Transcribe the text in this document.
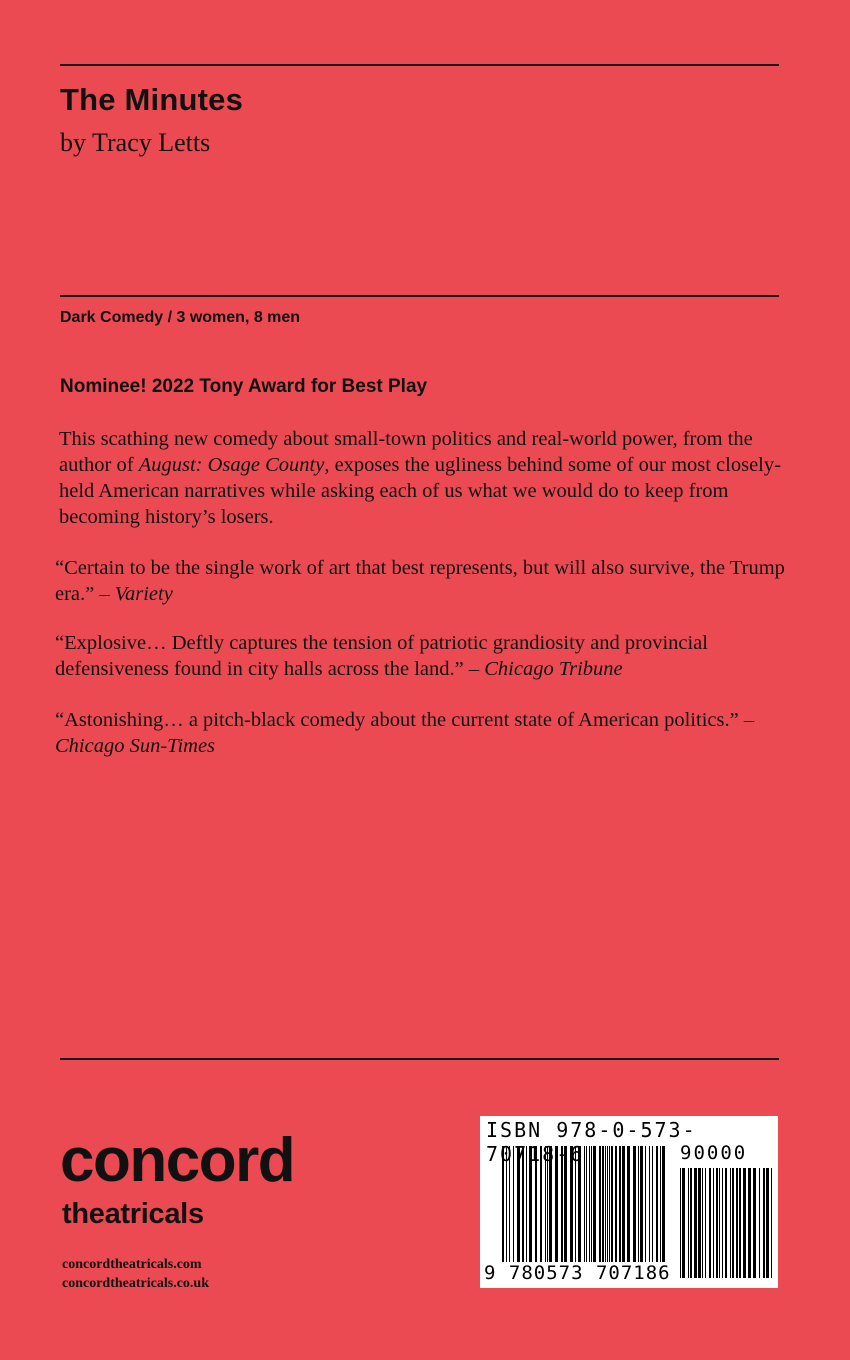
The Minutes

by Tracy Letts

Dark Comedy / 3 women, 8 men
Nominee! 2022 Tony Award for Best Play

This scathing new comedy about small-town politics and real-world power, from the author of August: Osage County, exposes the ugliness behind some of our most closely-held American narratives while asking each of us what we would do to keep from becoming history’s losers.

“Certain to be the single work of art that best represents, but will also survive, the Trump era.” – Variety

“Explosive… Deftly captures the tension of patriotic grandiosity and provincial defensiveness found in city halls across the land.” – Chicago Tribune

“Astonishing… a pitch-black comedy about the current state of American politics.” – Chicago Sun-Times

concord
theatricals
concordtheatricals.com
concordtheatricals.co.uk
ISBN 978-0-573-70718-6	90000
9 780573 707186
